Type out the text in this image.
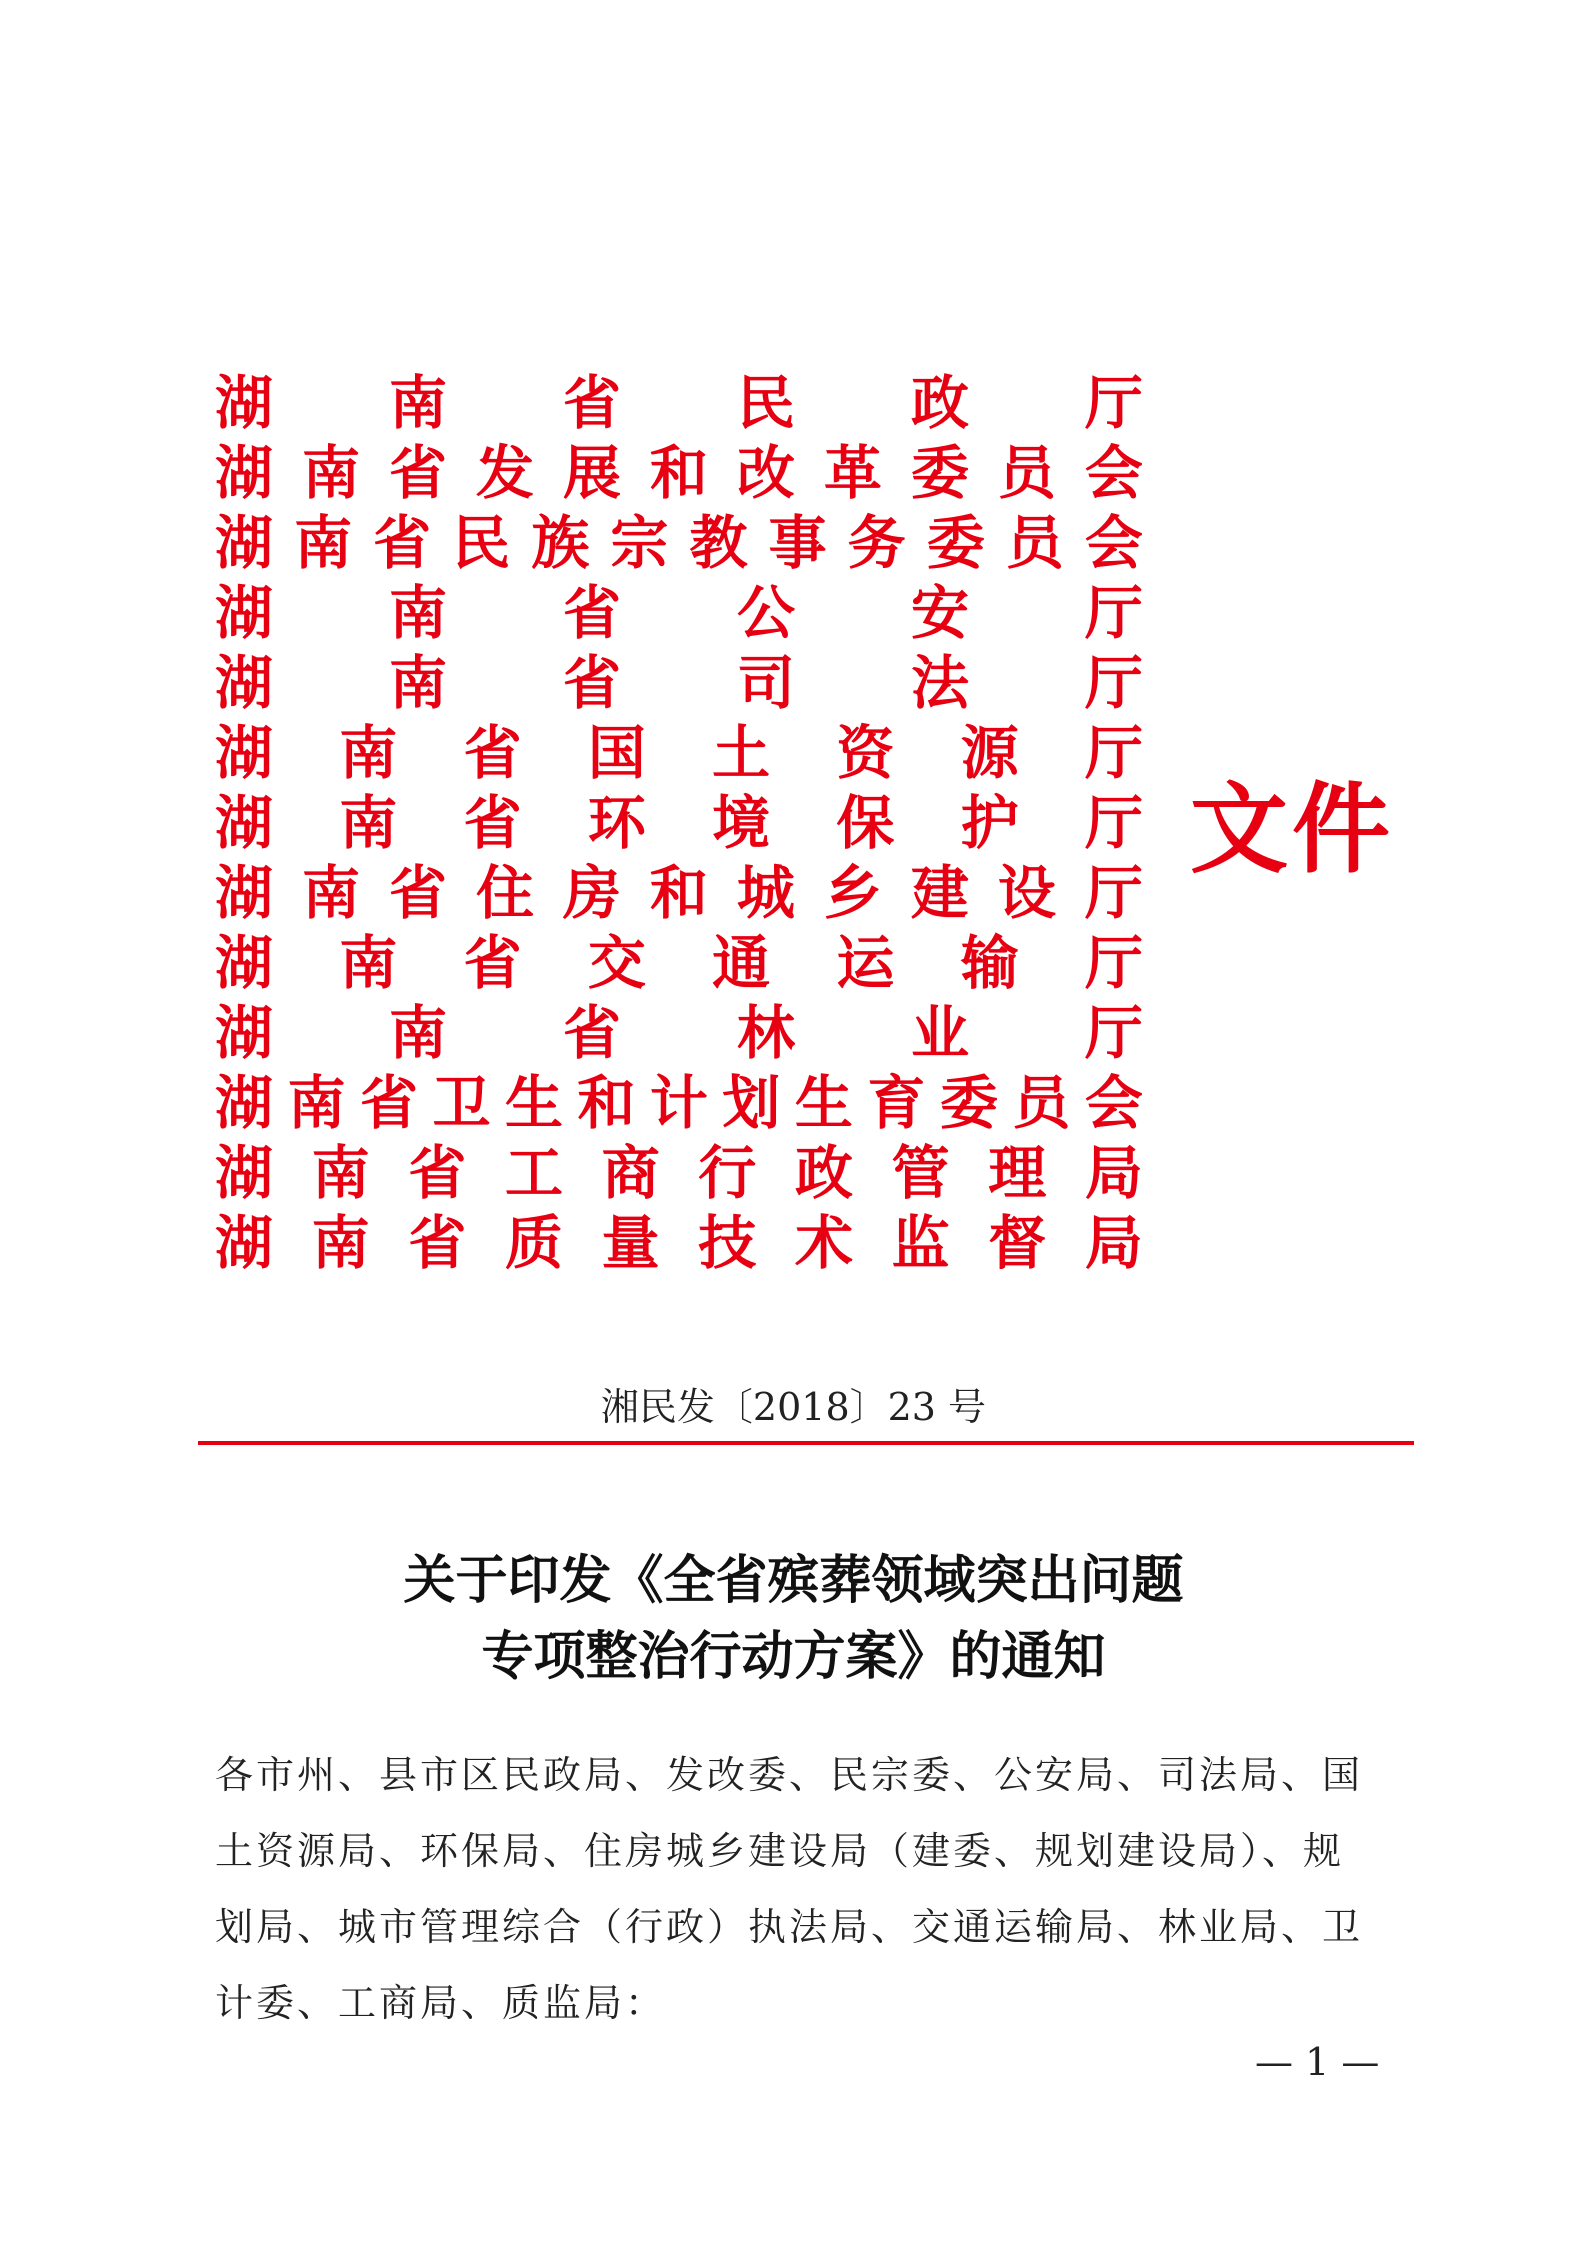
湖 南 省 民 政 厅
湖 南 省 发 展 和 改 革 委 员 会
湖 南 省 民 族 宗 教 事 务 委 员 会
湖 南 省 公 安 厅
湖 南 省 司 法 厅
湖 南 省 国 土 资 源 厅
湖 南 省 环 境 保 护 厅
湖 南 省 住 房 和 城 乡 建 设 厅
湖 南 省 交 通 运 输 厅
湖 南 省 林 业 厅
湖 南 省 卫 生 和 计 划 生 育 委 员 会
湖 南 省 工 商 行 政 管 理 局
湖 南 省 质 量 技 术 监 督 局
文件
湘民发〔2018〕23 号
关于印发《全省殡葬领域突出问题
专项整治行动方案》的通知
各市州、县市区民政局、发改委、民宗委、公安局、司法局、国
土资源局、环保局、住房城乡建设局（建委、规划建设局）、规
划局、城市管理综合（行政）执法局、交通运输局、林业局、卫
计委、工商局、质监局：
— 1 —
